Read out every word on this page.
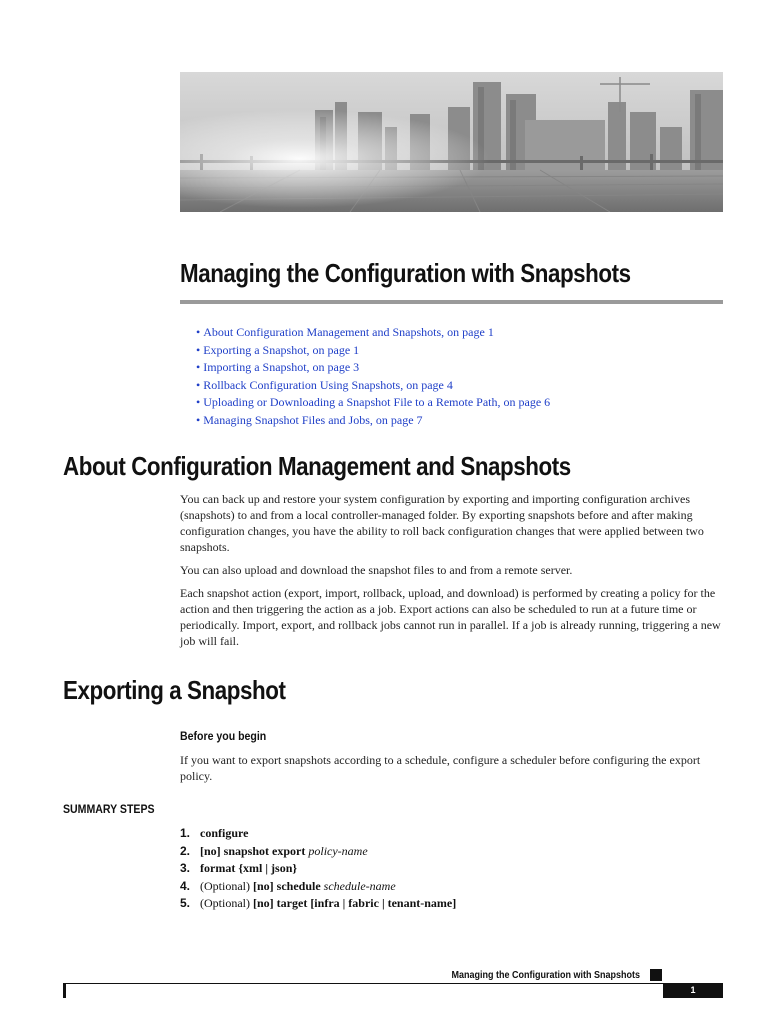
Managing the Configuration with Snapshots
• About Configuration Management and Snapshots, on page 1
• Exporting a Snapshot, on page 1
• Importing a Snapshot, on page 3
• Rollback Configuration Using Snapshots, on page 4
• Uploading or Downloading a Snapshot File to a Remote Path, on page 6
• Managing Snapshot Files and Jobs, on page 7
About Configuration Management and Snapshots

You can back up and restore your system configuration by exporting and importing configuration archives (snapshots) to and from a local controller-managed folder. By exporting snapshots before and after making configuration changes, you have the ability to roll back configuration changes that were applied between two snapshots.

You can also upload and download the snapshot files to and from a remote server.

Each snapshot action (export, import, rollback, upload, and download) is performed by creating a policy for the action and then triggering the action as a job. Export actions can also be scheduled to run at a future time or periodically. Import, export, and rollback jobs cannot run in parallel. If a job is already running, triggering a new job will fail.

Exporting a Snapshot
Before you begin

If you want to export snapshots according to a schedule, configure a scheduler before configuring the export policy.

SUMMARY STEPS
1. configure
2. [no] snapshot export policy-name
3. format {xml | json}
4. (Optional) [no] schedule schedule-name
5. (Optional) [no] target [infra | fabric | tenant-name]
Managing the Configuration with Snapshots
1
